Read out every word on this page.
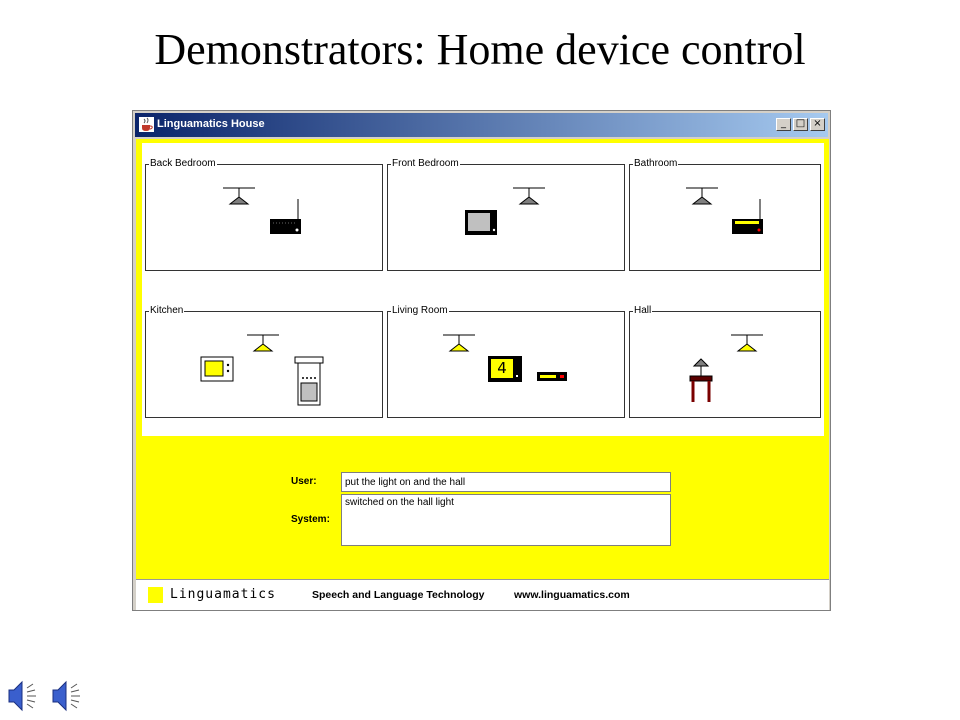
Demonstrators: Home device control
Linguamatics House	_ □ ×
Back Bedroom	Front Bedroom	Bathroom
Kitchen	Living Room
4
Hall
User:
put the light on and the hall
System:
switched on the hall light
Linguamatics	Speech and Language Technology	www.linguamatics.com
